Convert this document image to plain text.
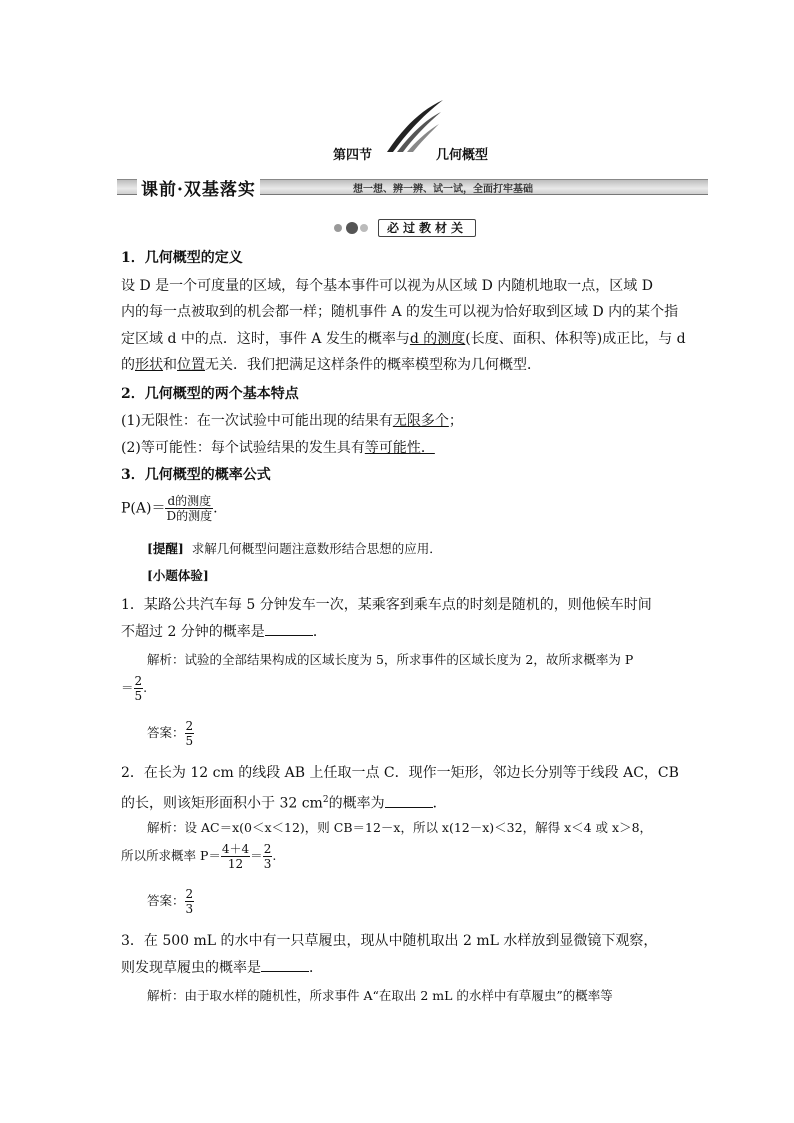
第四节	几何概型
课前·双基落实	想一想、辨一辨、试一试，全面打牢基础
必过教材关
1．几何概型的定义
设 D 是一个可度量的区域，每个基本事件可以视为从区域 D 内随机地取一点，区域 D
内的每一点被取到的机会都一样；随机事件 A 的发生可以视为恰好取到区域 D 内的某个指
定区域 d 中的点．这时，事件 A 发生的概率与d 的测度(长度、面积、体积等)成正比，与 d
的形状和位置无关．我们把满足这样条件的概率模型称为几何概型．
2．几何概型的两个基本特点
(1)无限性：在一次试验中可能出现的结果有无限多个；
(2)等可能性：每个试验结果的发生具有等可能性．
3．几何概型的概率公式
$P(A)= \frac{\text{d的测度}}{\text{D的测度}}$ .
[提醒] 求解几何概型问题注意数形结合思想的应用．
[小题体验]
1．某路公共汽车每 5 分钟发车一次，某乘客到乘车点的时刻是随机的，则他候车时间
不超过 2 分钟的概率是	．
解析：试验的全部结果构成的区域长度为 5，所求事件的区域长度为 2，故所求概率为 P
＝ $\frac{2}{5}$ .
答案： $\frac{2}{5}$
2．在长为 12 cm 的线段 AB 上任取一点 C．现作一矩形，邻边长分别等于线段 AC，CB
的长，则该矩形面积小于 32 $cm^2$的概率为	．
解析：设 AC＝x(0＜x＜12)，则 CB＝12－x，所以 x(12－x)＜32，解得 x＜4 或 x＞8，
所以所求概率 $P= \frac{4+4}{12} = \frac{2}{3}$ .
答案： $\frac{2}{3}$
3．在 500 mL 的水中有一只草履虫，现从中随机取出 2 mL 水样放到显微镜下观察，
则发现草履虫的概率是	．
解析：由于取水样的随机性，所求事件 A“在取出 2 mL 的水样中有草履虫”的概率等
